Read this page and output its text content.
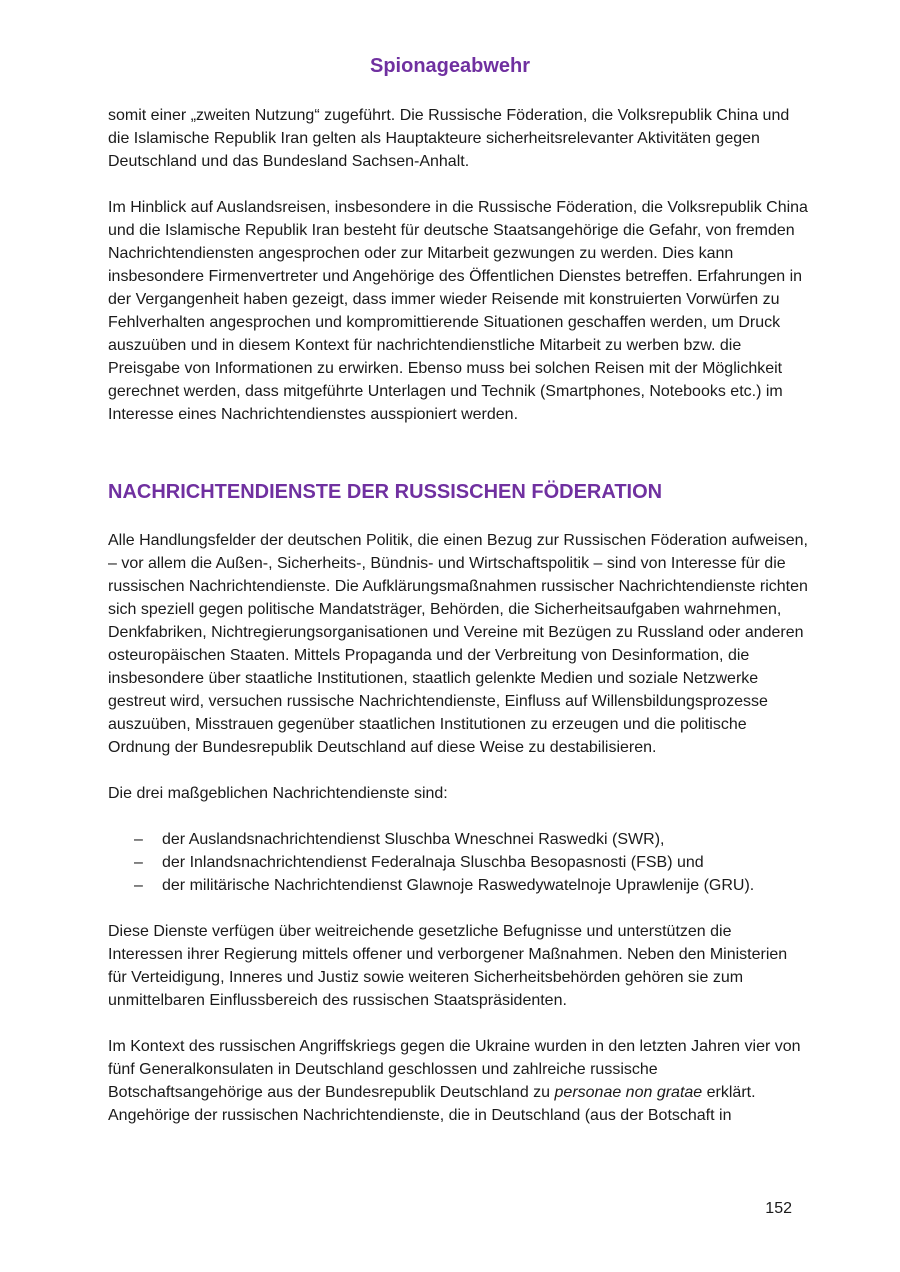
Spionageabwehr

somit einer „zweiten Nutzung“ zugeführt. Die Russische Föderation, die Volksrepublik China und die Islamische Republik Iran gelten als Hauptakteure sicherheitsrelevanter Aktivitäten gegen Deutschland und das Bundesland Sachsen-Anhalt.

Im Hinblick auf Auslandsreisen, insbesondere in die Russische Föderation, die Volksrepublik China und die Islamische Republik Iran besteht für deutsche Staatsangehörige die Gefahr, von fremden Nachrichtendiensten angesprochen oder zur Mitarbeit gezwungen zu werden. Dies kann insbesondere Firmenvertreter und Angehörige des Öffentlichen Dienstes betreffen. Erfahrungen in der Vergangenheit haben gezeigt, dass immer wieder Reisende mit konstruierten Vorwürfen zu Fehlverhalten angesprochen und kompromittierende Situationen geschaffen werden, um Druck auszuüben und in diesem Kontext für nachrichtendienstliche Mitarbeit zu werben bzw. die Preisgabe von Informationen zu erwirken. Ebenso muss bei solchen Reisen mit der Möglichkeit gerechnet werden, dass mitgeführte Unterlagen und Technik (Smartphones, Notebooks etc.) im Interesse eines Nachrichtendienstes ausspioniert werden.

NACHRICHTENDIENSTE DER RUSSISCHEN FÖDERATION

Alle Handlungsfelder der deutschen Politik, die einen Bezug zur Russischen Föderation aufweisen, – vor allem die Außen-, Sicherheits-, Bündnis- und Wirtschaftspolitik – sind von Interesse für die russischen Nachrichtendienste. Die Aufklärungsmaßnahmen russischer Nachrichtendienste richten sich speziell gegen politische Mandatsträger, Behörden, die Sicherheitsaufgaben wahrnehmen, Denkfabriken, Nichtregierungsorganisationen und Vereine mit Bezügen zu Russland oder anderen osteuropäischen Staaten. Mittels Propaganda und der Verbreitung von Desinformation, die insbesondere über staatliche Institutionen, staatlich gelenkte Medien und soziale Netzwerke gestreut wird, versuchen russische Nachrichtendienste, Einfluss auf Willensbildungsprozesse auszuüben, Misstrauen gegenüber staatlichen Institutionen zu erzeugen und die politische Ordnung der Bundesrepublik Deutschland auf diese Weise zu destabilisieren.

Die drei maßgeblichen Nachrichtendienste sind:

– der Auslandsnachrichtendienst Sluschba Wneschnei Raswedki (SWR),
– der Inlandsnachrichtendienst Federalnaja Sluschba Besopasnosti (FSB) und
– der militärische Nachrichtendienst Glawnoje Raswedywatelnoje Uprawlenije (GRU).

Diese Dienste verfügen über weitreichende gesetzliche Befugnisse und unterstützen die Interessen ihrer Regierung mittels offener und verborgener Maßnahmen. Neben den Ministerien für Verteidigung, Inneres und Justiz sowie weiteren Sicherheitsbehörden gehören sie zum unmittelbaren Einflussbereich des russischen Staatspräsidenten.

Im Kontext des russischen Angriffskriegs gegen die Ukraine wurden in den letzten Jahren vier von fünf Generalkonsulaten in Deutschland geschlossen und zahlreiche russische Botschaftsangehörige aus der Bundesrepublik Deutschland zu personae non gratae erklärt. Angehörige der russischen Nachrichtendienste, die in Deutschland (aus der Botschaft in

152
